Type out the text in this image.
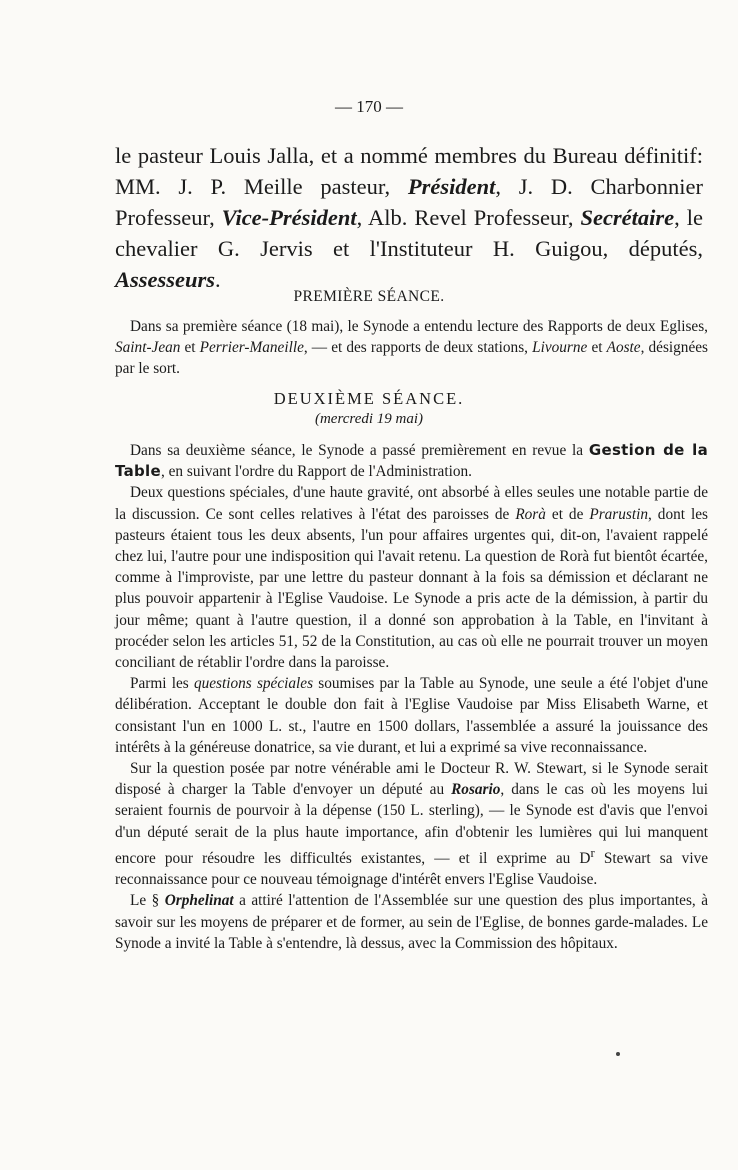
— 170 —
le pasteur Louis Jalla, et a nommé membres du Bureau définitif: MM. J. P. Meille pasteur, Président, J. D. Charbonnier Professeur, Vice-Président, Alb. Revel Professeur, Secrétaire, le chevalier G. Jervis et l'Instituteur H. Guigou, députés, Assesseurs.
PREMIÈRE SÉANCE.

Dans sa première séance (18 mai), le Synode a entendu lecture des Rapports de deux Eglises, Saint-Jean et Perrier-Maneille, — et des rapports de deux stations, Livourne et Aoste, désignées par le sort.

DEUXIÈME SÉANCE.
(mercredi 19 mai)

Dans sa deuxième séance, le Synode a passé premièrement en revue la Gestion de la Table, en suivant l'ordre du Rapport de l'Administration.

Deux questions spéciales, d'une haute gravité, ont absorbé à elles seules une notable partie de la discussion. Ce sont celles relatives à l'état des paroisses de Rorà et de Prarustin, dont les pasteurs étaient tous les deux absents, l'un pour affaires urgentes qui, dit-on, l'avaient rappelé chez lui, l'autre pour une indisposition qui l'avait retenu. La question de Rorà fut bientôt écartée, comme à l'improviste, par une lettre du pasteur donnant à la fois sa démission et déclarant ne plus pouvoir appartenir à l'Eglise Vaudoise. Le Synode a pris acte de la démission, à partir du jour même; quant à l'autre question, il a donné son approbation à la Table, en l'invitant à procéder selon les articles 51, 52 de la Constitution, au cas où elle ne pourrait trouver un moyen conciliant de rétablir l'ordre dans la paroisse.

Parmi les questions spéciales soumises par la Table au Synode, une seule a été l'objet d'une délibération. Acceptant le double don fait à l'Eglise Vaudoise par Miss Elisabeth Warne, et consistant l'un en 1000 L. st., l'autre en 1500 dollars, l'assemblée a assuré la jouissance des intérêts à la généreuse donatrice, sa vie durant, et lui a exprimé sa vive reconnaissance.

Sur la question posée par notre vénérable ami le Docteur R. W. Stewart, si le Synode serait disposé à charger la Table d'envoyer un député au Rosario, dans le cas où les moyens lui seraient fournis de pourvoir à la dépense (150 L. sterling), — le Synode est d'avis que l'envoi d'un député serait de la plus haute importance, afin d'obtenir les lumières qui lui manquent encore pour résoudre les difficultés existantes, — et il exprime au $D^r$ Stewart sa vive reconnaissance pour ce nouveau témoignage d'intérêt envers l'Eglise Vaudoise.

Le § Orphelinat a attiré l'attention de l'Assemblée sur une question des plus importantes, à savoir sur les moyens de préparer et de former, au sein de l'Eglise, de bonnes garde-malades. Le Synode a invité la Table à s'entendre, là dessus, avec la Commission des hôpitaux.
